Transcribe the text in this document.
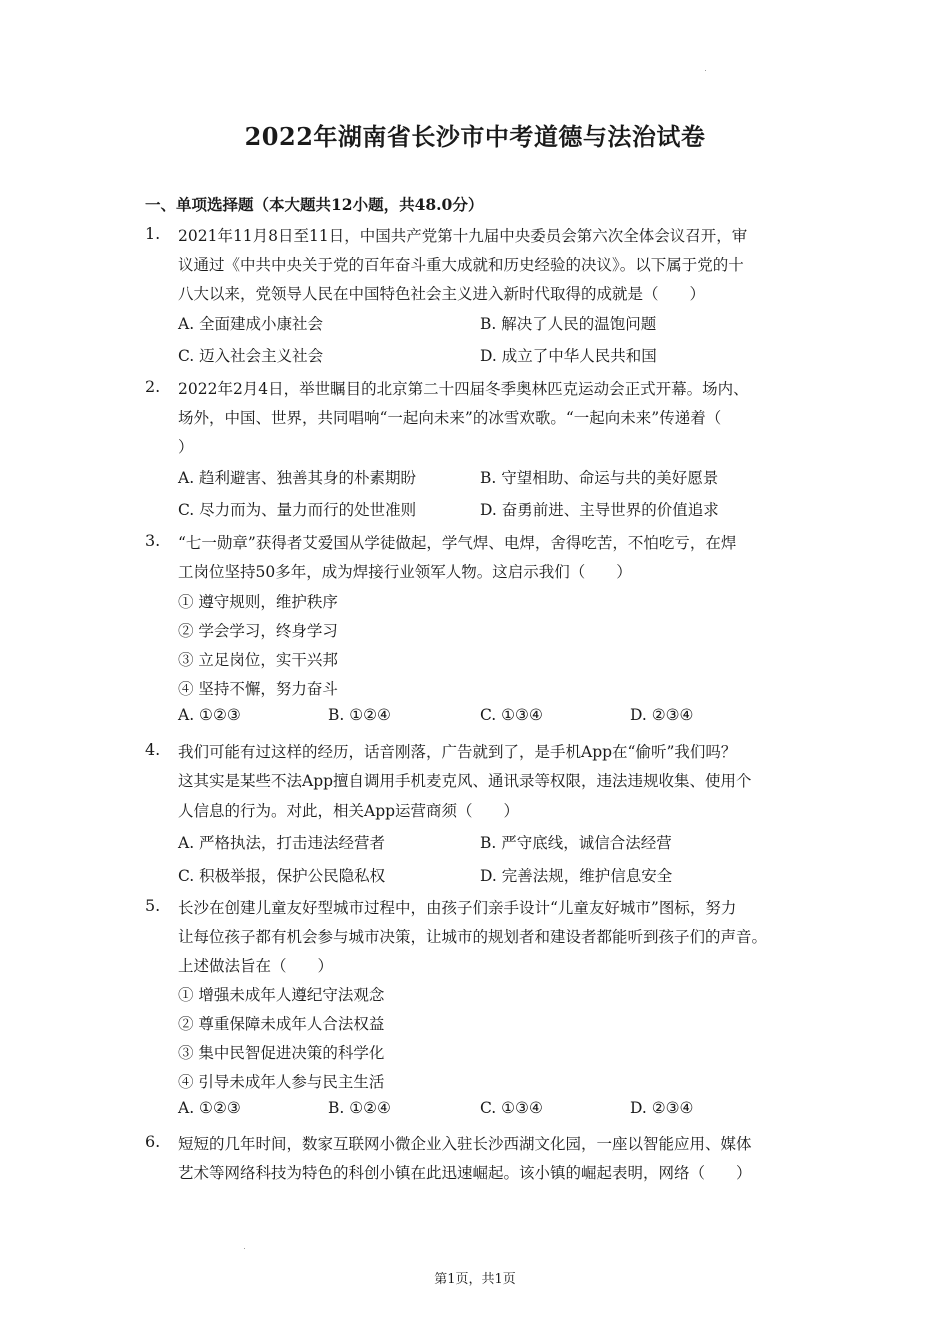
2022年湖南省长沙市中考道德与法治试卷
一、单项选择题（本大题共12小题，共48.0分）
1. 2021年11月8日至11日，中国共产党第十九届中央委员会第六次全体会议召开，审
议通过《中共中央关于党的百年奋斗重大成就和历史经验的决议》。以下属于党的十
八大以来，党领导人民在中国特色社会主义进入新时代取得的成就是（　　）
A. 全面建成小康社会	B. 解决了人民的温饱问题
C. 迈入社会主义社会	D. 成立了中华人民共和国
2. 2022年2月4日，举世瞩目的北京第二十四届冬季奥林匹克运动会正式开幕。场内、
场外，中国、世界，共同唱响“一起向未来”的冰雪欢歌。“一起向未来”传递着（
）
A. 趋利避害、独善其身的朴素期盼	B. 守望相助、命运与共的美好愿景
C. 尽力而为、量力而行的处世准则	D. 奋勇前进、主导世界的价值追求
3. “七一勋章”获得者艾爱国从学徒做起，学气焊、电焊，舍得吃苦，不怕吃亏，在焊
工岗位坚持50多年，成为焊接行业领军人物。这启示我们（　　）
① 遵守规则，维护秩序
② 学会学习，终身学习
③ 立足岗位，实干兴邦
④ 坚持不懈，努力奋斗
A. ①②③	B. ①②④	C. ①③④	D. ②③④
4. 我们可能有过这样的经历，话音刚落，广告就到了，是手机App在“偷听”我们吗？
这其实是某些不法App擅自调用手机麦克风、通讯录等权限，违法违规收集、使用个
人信息的行为。对此，相关App运营商须（　　）
A. 严格执法，打击违法经营者	B. 严守底线，诚信合法经营
C. 积极举报，保护公民隐私权	D. 完善法规，维护信息安全
5. 长沙在创建儿童友好型城市过程中，由孩子们亲手设计“儿童友好城市”图标，努力
让每位孩子都有机会参与城市决策，让城市的规划者和建设者都能听到孩子们的声音。
上述做法旨在（　　）
① 增强未成年人遵纪守法观念
② 尊重保障未成年人合法权益
③ 集中民智促进决策的科学化
④ 引导未成年人参与民主生活
A. ①②③	B. ①②④	C. ①③④	D. ②③④
6. 短短的几年时间，数家互联网小微企业入驻长沙西湖文化园，一座以智能应用、媒体
艺术等网络科技为特色的科创小镇在此迅速崛起。该小镇的崛起表明，网络（　　）
第1页，共1页
